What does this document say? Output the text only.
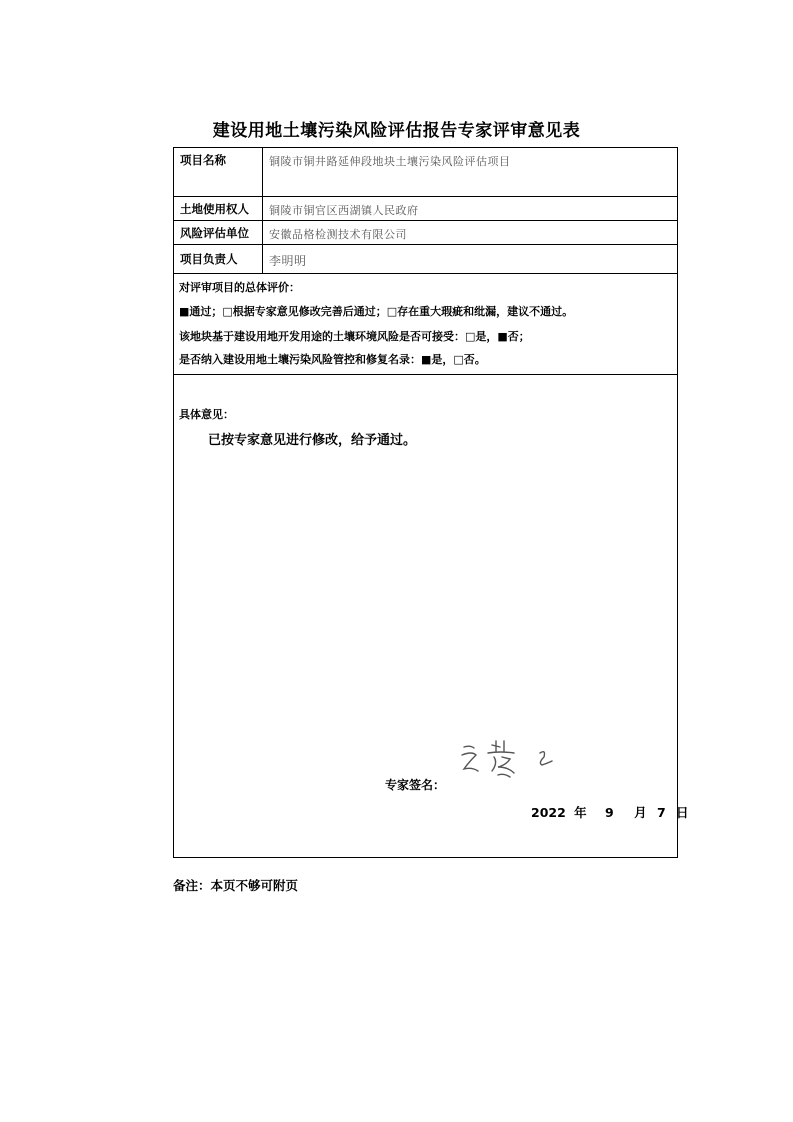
建设用地土壤污染风险评估报告专家评审意见表
项目名称	铜陵市铜井路延伸段地块土壤污染风险评估项目
土地使用权人 铜陵市铜官区西湖镇人民政府
风险评估单位 安徽品格检测技术有限公司
项目负责人	李明明
对评审项目的总体评价：
■通过；□根据专家意见修改完善后通过；□存在重大瑕疵和纰漏，建议不通过。
该地块基于建设用地开发用途的土壤环境风险是否可接受：□是，■否；
是否纳入建设用地土壤污染风险管控和修复名录：■是，□否。
具体意见：
已按专家意见进行修改，给予通过。
专家签名：
2022 年 9 月 7 日
备注：本页不够可附页
